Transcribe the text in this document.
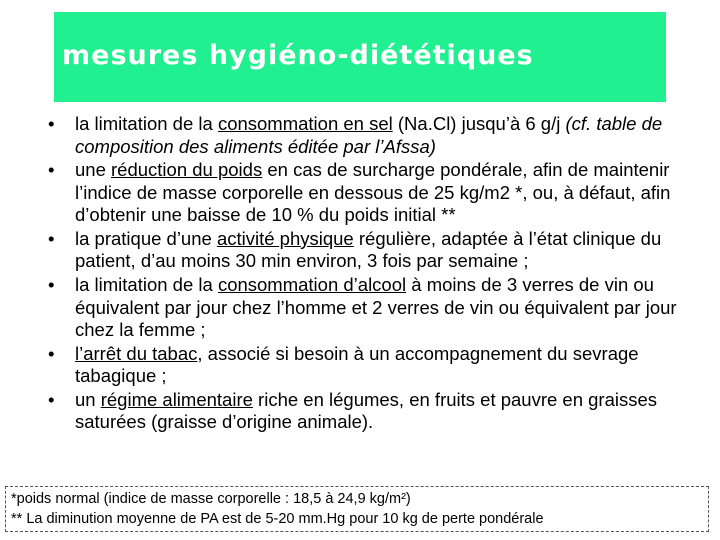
mesures hygiéno-diététiques

• la limitation de la consommation en sel (Na.Cl) jusqu’à 6 g/j (cf. table de composition des aliments éditée par l’Afssa)

• une réduction du poids en cas de surcharge pondérale, afin de maintenir l’indice de masse corporelle en dessous de 25 kg/m2 *, ou, à défaut, afin d’obtenir une baisse de 10 % du poids initial **

• la pratique d’une activité physique régulière, adaptée à l’état clinique du patient, d’au moins 30 min environ, 3 fois par semaine ;

• la limitation de la consommation d’alcool à moins de 3 verres de vin ou équivalent par jour chez l’homme et 2 verres de vin ou équivalent par jour chez la femme ;

• l’arrêt du tabac, associé si besoin à un accompagnement du sevrage tabagique ;

• un régime alimentaire riche en légumes, en fruits et pauvre en graisses saturées (graisse d’origine animale).

*poids normal (indice de masse corporelle : 18,5 à 24,9 kg/m²)
** La diminution moyenne de PA est de 5-20 mm.Hg pour 10 kg de perte pondérale
